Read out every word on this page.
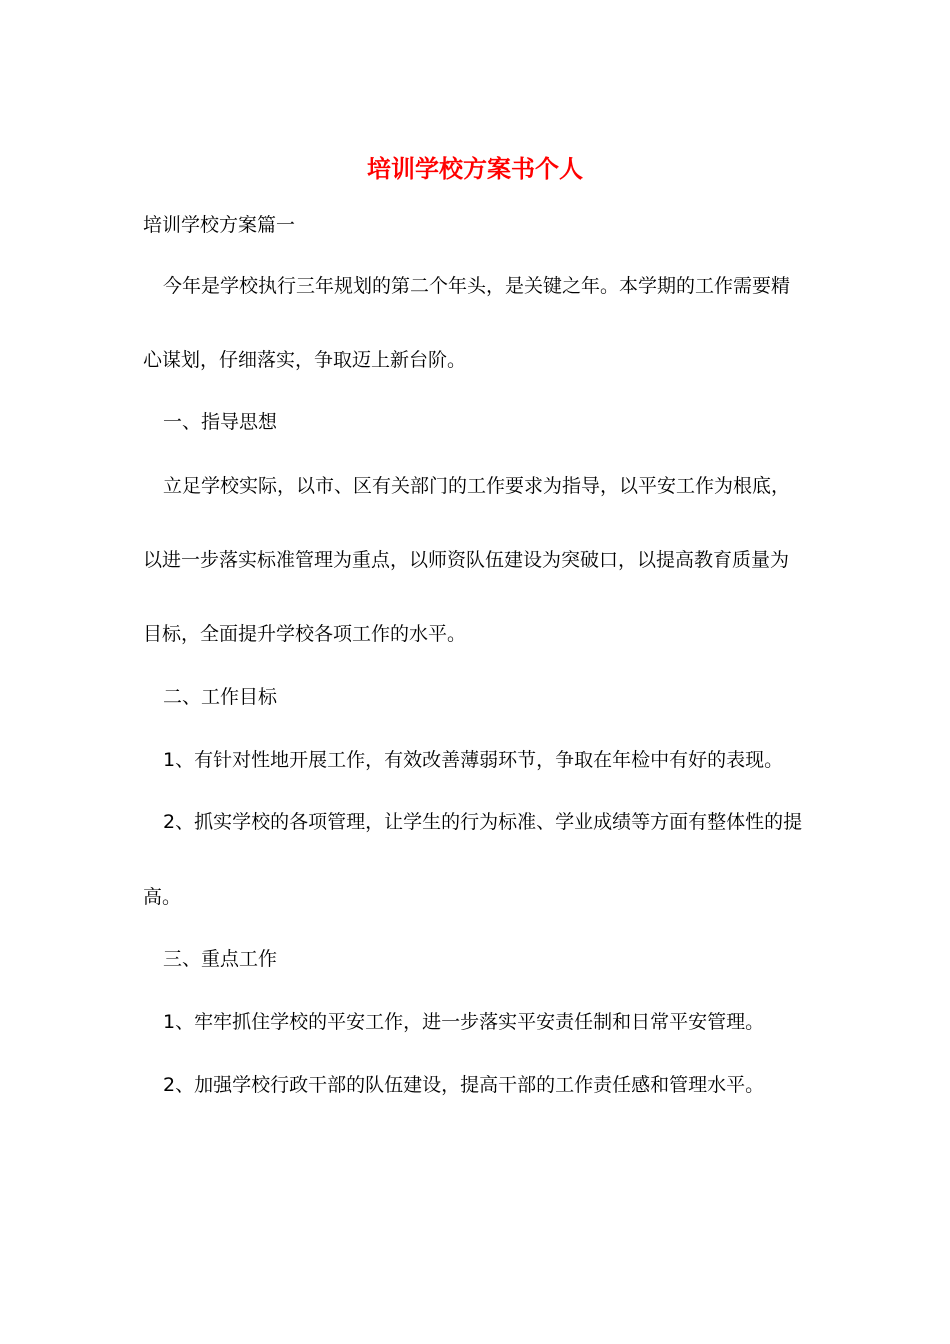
培训学校方案书个人
培训学校方案篇一
今年是学校执行三年规划的第二个年头，是关键之年。本学期的工作需要精
心谋划，仔细落实，争取迈上新台阶。
一、指导思想
立足学校实际，以市、区有关部门的工作要求为指导，以平安工作为根底，
以进一步落实标准管理为重点，以师资队伍建设为突破口，以提高教育质量为
目标，全面提升学校各项工作的水平。
二、工作目标
1、有针对性地开展工作，有效改善薄弱环节，争取在年检中有好的表现。
2、抓实学校的各项管理，让学生的行为标准、学业成绩等方面有整体性的提
高。
三、重点工作
1、牢牢抓住学校的平安工作，进一步落实平安责任制和日常平安管理。
2、加强学校行政干部的队伍建设，提高干部的工作责任感和管理水平。
